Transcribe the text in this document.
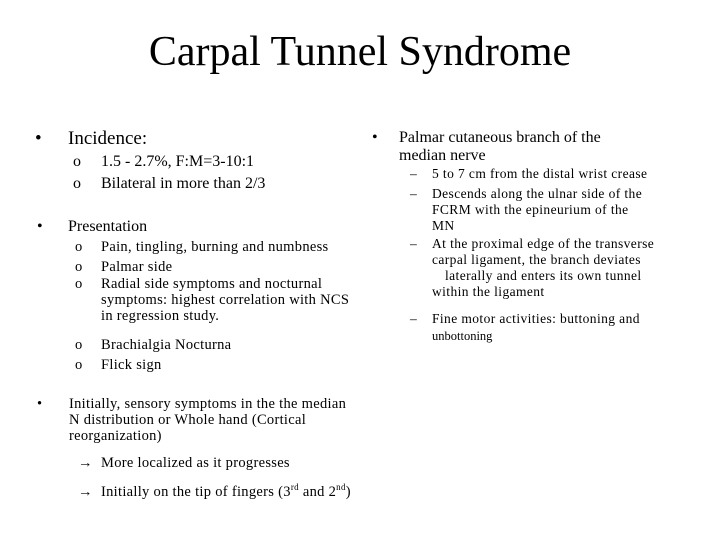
Carpal Tunnel Syndrome
• Incidence:
o 1.5 - 2.7%, F:M=3-10:1
o Bilateral in more than 2/3
• Presentation
o Pain, tingling, burning and numbness
o Palmar side
o Radial side symptoms and nocturnal
symptoms: highest correlation with NCS
in regression study.
o Brachialgia Nocturna
o Flick sign
• Initially, sensory symptoms in the the median
N distribution or Whole hand (Cortical
reorganization)
→ More localized as it progresses
→ Initially on the tip of fingers (3rd and 2nd)
• Palmar cutaneous branch of the
median nerve
– 5 to 7 cm from the distal wrist crease
– Descends along the ulnar side of the
FCRM with the epineurium of the
MN
– At the proximal edge of the transverse
carpal ligament, the branch deviates
laterally and enters its own tunnel
within the ligament
– Fine motor activities: buttoning and
unbottoning
